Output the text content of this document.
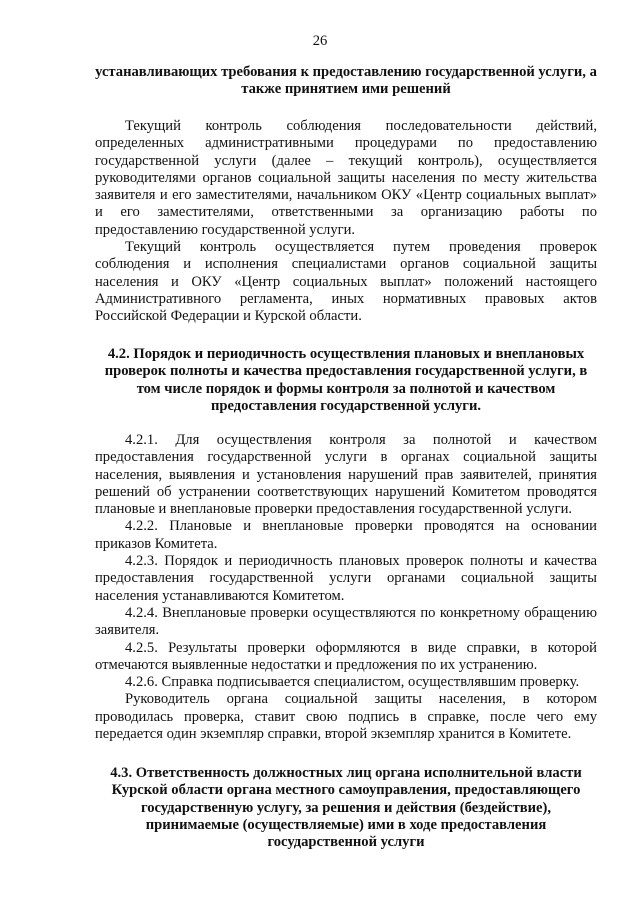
26
устанавливающих требования к предоставлению государственной услуги, а также принятием ими решений

Текущий контроль соблюдения последовательности действий, определенных административными процедурами по предоставлению государственной услуги (далее – текущий контроль), осуществляется руководителями органов социальной защиты населения по месту жительства заявителя и его заместителями, начальником ОКУ «Центр социальных выплат» и его заместителями, ответственными за организацию работы по предоставлению государственной услуги.

Текущий контроль осуществляется путем проведения проверок соблюдения и исполнения специалистами органов социальной защиты населения и ОКУ «Центр социальных выплат» положений настоящего Административного регламента, иных нормативных правовых актов Российской Федерации и Курской области.

4.2. Порядок и периодичность осуществления плановых и внеплановых проверок полноты и качества предоставления государственной услуги, в том числе порядок и формы контроля за полнотой и качеством предоставления государственной услуги.

4.2.1. Для осуществления контроля за полнотой и качеством предоставления государственной услуги в органах социальной защиты населения, выявления и установления нарушений прав заявителей, принятия решений об устранении соответствующих нарушений Комитетом проводятся плановые и внеплановые проверки предоставления государственной услуги.

4.2.2. Плановые и внеплановые проверки проводятся на основании приказов Комитета.

4.2.3. Порядок и периодичность плановых проверок полноты и качества предоставления государственной услуги органами социальной защиты населения устанавливаются Комитетом.

4.2.4. Внеплановые проверки осуществляются по конкретному обращению заявителя.

4.2.5. Результаты проверки оформляются в виде справки, в которой отмечаются выявленные недостатки и предложения по их устранению.

4.2.6. Справка подписывается специалистом, осуществлявшим проверку.

Руководитель органа социальной защиты населения, в котором проводилась проверка, ставит свою подпись в справке, после чего ему передается один экземпляр справки, второй экземпляр хранится в Комитете.

4.3. Ответственность должностных лиц органа исполнительной власти Курской области органа местного самоуправления, предоставляющего государственную услугу, за решения и действия (бездействие), принимаемые (осуществляемые) ими в ходе предоставления государственной услуги
